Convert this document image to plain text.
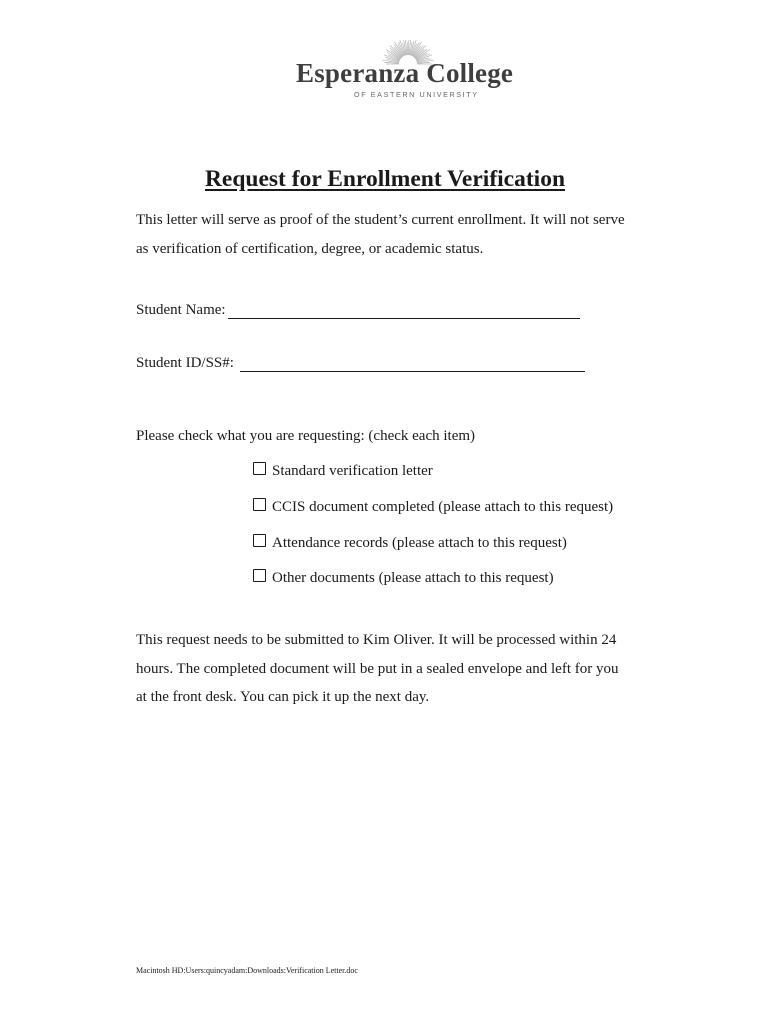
Esperanza College
OF EASTERN UNIVERSITY
Request for Enrollment Verification
This letter will serve as proof of the student’s current enrollment. It will not serve
as verification of certification, degree, or academic status.
Student Name:
Student ID/SS#:
Please check what you are requesting: (check each item)
Standard verification letter
CCIS document completed (please attach to this request)
Attendance records (please attach to this request)
Other documents (please attach to this request)
This request needs to be submitted to Kim Oliver. It will be processed within 24
hours. The completed document will be put in a sealed envelope and left for you
at the front desk. You can pick it up the next day.
Macintosh HD:Users:quincyadam:Downloads:Verification Letter.doc
